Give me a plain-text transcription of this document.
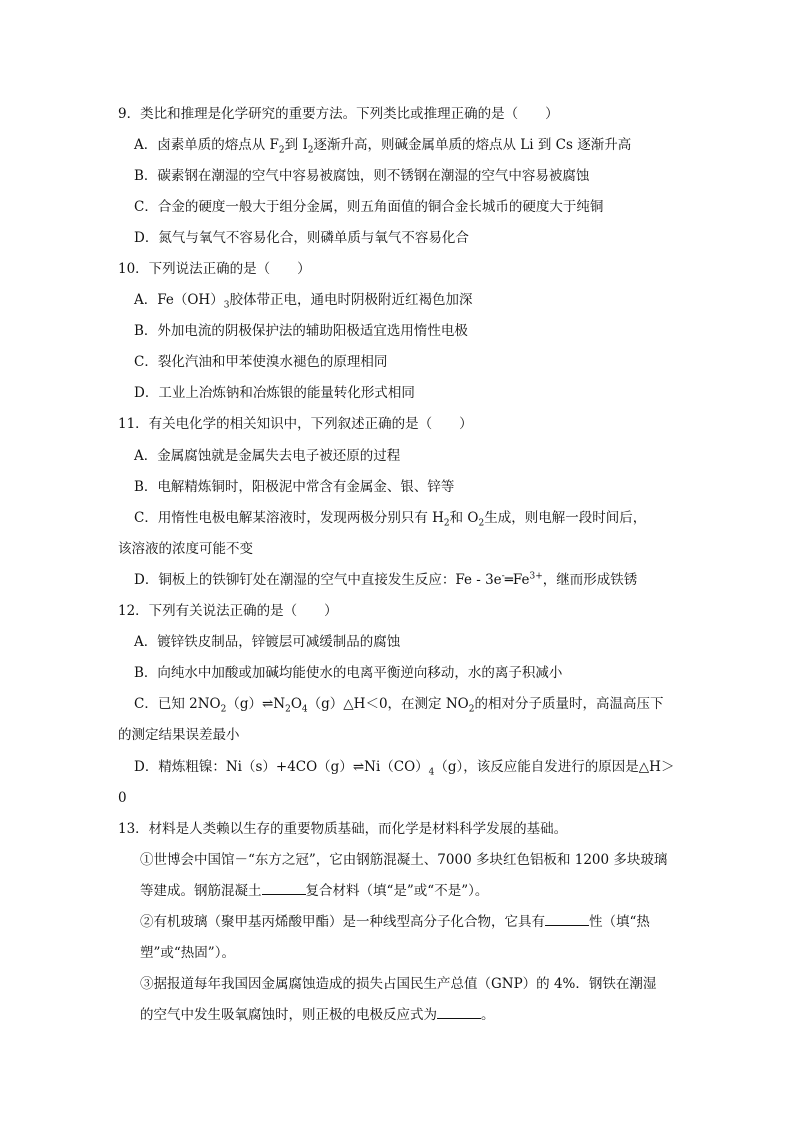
9．类比和推理是化学研究的重要方法。下列类比或推理正确的是（　　）
A．卤素单质的熔点从 $F_2$到 $I_2$逐渐升高，则碱金属单质的熔点从 Li 到 Cs 逐渐升高
B．碳素钢在潮湿的空气中容易被腐蚀，则不锈钢在潮湿的空气中容易被腐蚀
C．合金的硬度一般大于组分金属，则五角面值的铜合金长城币的硬度大于纯铜
D．氮气与氧气不容易化合，则磷单质与氧气不容易化合
10．下列说法正确的是（　　）
A．$Fe(OH)_3$胶体带正电，通电时阴极附近红褐色加深
B．外加电流的阴极保护法的辅助阳极适宜选用惰性电极
C．裂化汽油和甲苯使溴水褪色的原理相同
D．工业上冶炼钠和冶炼银的能量转化形式相同
11．有关电化学的相关知识中，下列叙述正确的是（　　）
A．金属腐蚀就是金属失去电子被还原的过程
B．电解精炼铜时，阳极泥中常含有金属金、银、锌等
C．用惰性电极电解某溶液时，发现两极分别只有 $H_2$和 $O_2$生成，则电解一段时间后，
该溶液的浓度可能不变
D．铜板上的铁铆钉处在潮湿的空气中直接发生反应：Fe - $3e^-═Fe^{3+}$，继而形成铁锈
12．下列有关说法正确的是（　　）
A．镀锌铁皮制品，锌镀层可减缓制品的腐蚀
B．向纯水中加酸或加碱均能使水的电离平衡逆向移动，水的离子积减小
C．已知 $2NO_2(g)\rightleftharpoons N_2O_4(g)\triangle H<0$，在测定 $NO_2$的相对分子质量时，高温高压下
的测定结果误差最小
D．精炼粗镍：$Ni(s)+4CO(g)\rightleftharpoons Ni(CO)_4(g)$，该反应能自发进行的原因是△H＞
0
13．材料是人类赖以生存的重要物质基础，而化学是材料科学发展的基础。
①世博会中国馆－“东方之冠”，它由钢筋混凝土、7000 多块红色铝板和 1200 多块玻璃
等建成。钢筋混凝土	复合材料（填“是”或“不是”）。
②有机玻璃（聚甲基丙烯酸甲酯）是一种线型高分子化合物，它具有	性（填“热
塑”或“热固”）。
③据报道每年我国因金属腐蚀造成的损失占国民生产总值（GNP）的 4%．钢铁在潮湿
的空气中发生吸氧腐蚀时，则正极的电极反应式为	。
